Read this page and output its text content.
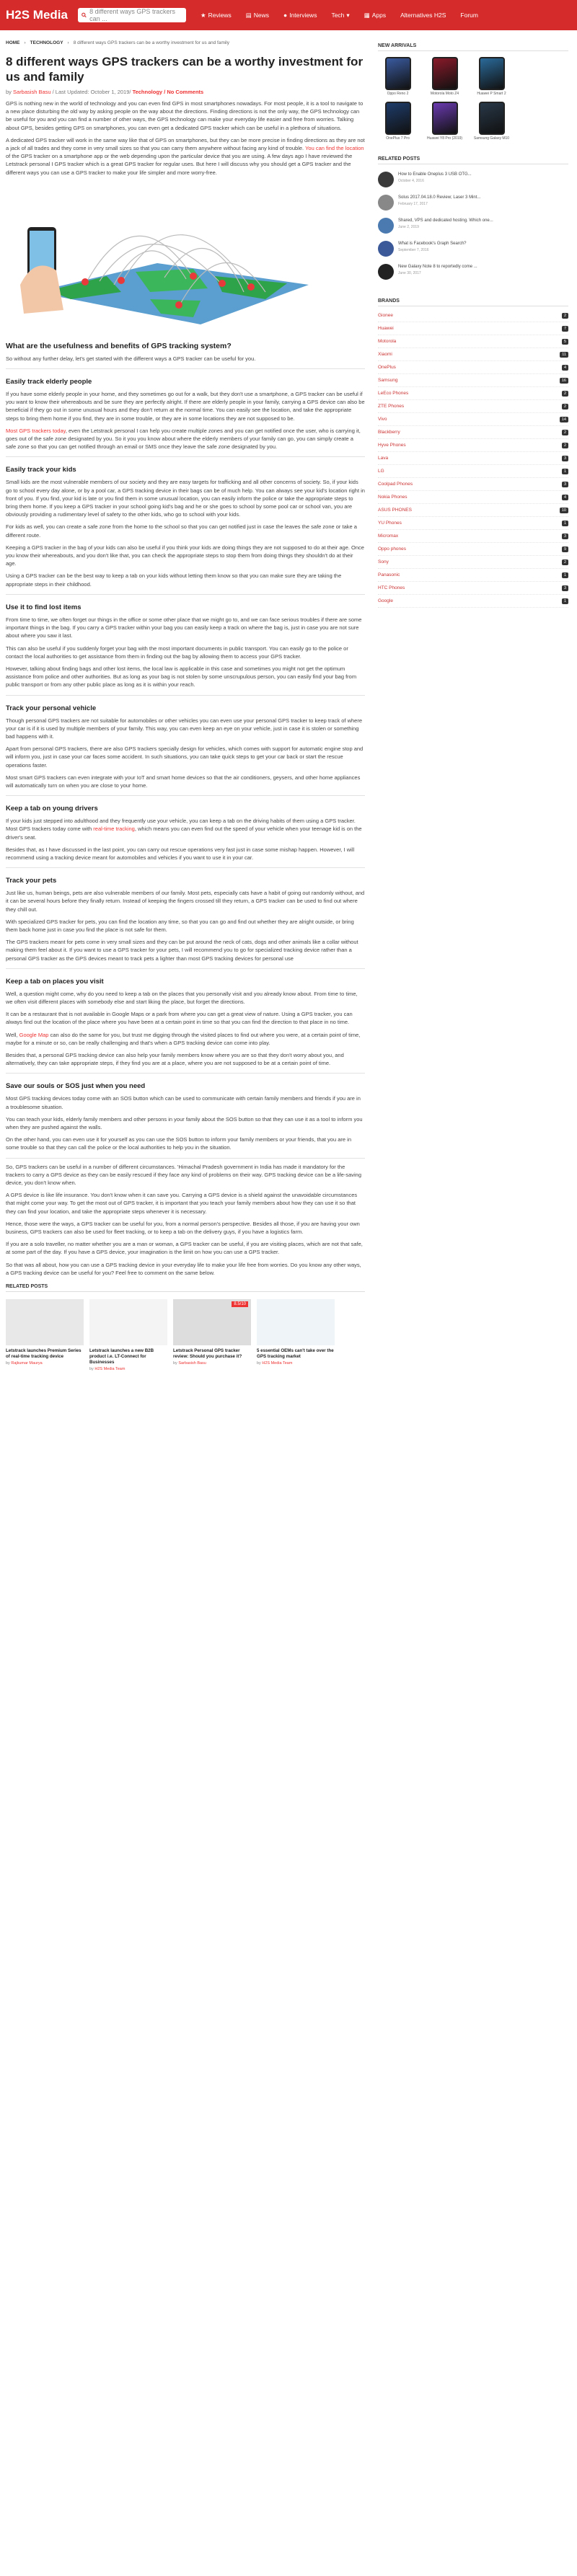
H2S Media	8 different ways GPS trackers can ...
★ Reviews ▤ News ● Interviews Tech ▾ ▦ Apps Alternatives H2S Forum
HOME › TECHNOLOGY › 8 different ways GPS trackers can be a worthy investment for us and family
8 different ways GPS trackers can be a worthy investment for us and family
by Sarbasish Basu / Last Updated: October 1, 2019/ Technology / No Comments

GPS is nothing new in the world of technology and you can even find GPS in most smartphones nowadays. For most people, it is a tool to navigate to a new place disturbing the old way by asking people on the way about the directions. Finding directions is not the only way, the GPS technology can be useful for you and you can find a number of other ways, the GPS technology can make your everyday life easier and free from worries. Talking about GPS, besides getting GPS on smartphones, you can even get a dedicated GPS tracker which can be useful in a plethora of situations.

A dedicated GPS tracker will work in the same way like that of GPS on smartphones, but they can be more precise in finding directions as they are not a jack of all trades and they come in very small sizes so that you can carry them anywhere without facing any kind of trouble. You can find the location of the GPS tracker on a smartphone app or the web depending upon the particular device that you are using. A few days ago I have reviewed the Letstrack personal I GPS tracker which is a great GPS tracker for regular uses. But here I will discuss why you should get a GPS tracker and the different ways you can use a GPS tracker to make your life simpler and more worry-free.

What are the usefulness and benefits of GPS tracking system?

So without any further delay, let's get started with the different ways a GPS tracker can be useful for you.

Easily track elderly people

If you have some elderly people in your home, and they sometimes go out for a walk, but they don't use a smartphone, a GPS tracker can be useful if you want to know their whereabouts and be sure they are perfectly alright. If there are elderly people in your family, carrying a GPS device can also be beneficial if they go out in some unusual hours and they don't return at the normal time. You can easily see the location, and take the appropriate steps to bring them home if you find, they are in some trouble, or they are in some locations they are not supposed to be.

Most GPS trackers today, even the Letstrack personal I can help you create multiple zones and you can get notified once the user, who is carrying it, goes out of the safe zone designated by you. So it you you know about where the elderly members of your family can go, you can simply create a safe zone so that you can get notified through an email or SMS once they leave the safe zone designated by you.

Easily track your kids

Small kids are the most vulnerable members of our society and they are easy targets for trafficking and all other concerns of society. So, if your kids go to school every day alone, or by a pool car, a GPS tracking device in their bags can be of much help. You can always see your kid's location right in front of you. If you find, your kid is late or you find them in some unusual location, you can easily inform the police or take the appropriate steps to bring them home. If you keep a GPS tracker in your school going kid's bag and he or she goes to school by some pool car or school van, you are obviously providing a rudimentary level of safety to the other kids, who go to school with your kids.

For kids as well, you can create a safe zone from the home to the school so that you can get notified just in case the leaves the safe zone or take a different route.

Keeping a GPS tracker in the bag of your kids can also be useful if you think your kids are doing things they are not supposed to do at their age. Once you know their whereabouts, and you don't like that, you can check the appropriate steps to stop them from doing things they shouldn't do at their age.

Using a GPS tracker can be the best way to keep a tab on your kids without letting them know so that you can make sure they are taking the appropriate steps in their childhood.

Use it to find lost items

From time to time, we often forget our things in the office or some other place that we might go to, and we can face serious troubles if there are some important things in the bag. If you carry a GPS tracker within your bag you can easily keep a track on where the bag is, just in case you are not sure about where you saw it last.

This can also be useful if you suddenly forget your bag with the most important documents in public transport. You can easily go to the police or contact the local authorities to get assistance from them in finding out the bag by allowing them to access your GPS tracker.

However, talking about finding bags and other lost items, the local law is applicable in this case and sometimes you might not get the optimum assistance from police and other authorities. But as long as your bag is not stolen by some unscrupulous person, you can easily find your bag from public transport or from any other public place as long as it is within your reach.

Track your personal vehicle

Though personal GPS trackers are not suitable for automobiles or other vehicles you can even use your personal GPS tracker to keep track of where your car is if it is used by multiple members of your family. This way, you can even keep an eye on your vehicle, just in case it is stolen or something bad happens with it.

Apart from personal GPS trackers, there are also GPS trackers specially design for vehicles, which comes with support for automatic engine stop and will inform you, just in case your car faces some accident. In such situations, you can take quick steps to get your car back or start the rescue operations faster.

Most smart GPS trackers can even integrate with your IoT and smart home devices so that the air conditioners, geysers, and other home appliances will automatically turn on when you are close to your home.

Keep a tab on young drivers

If your kids just stepped into adulthood and they frequently use your vehicle, you can keep a tab on the driving habits of them using a GPS tracker. Most GPS trackers today come with real-time tracking, which means you can even find out the speed of your vehicle when your teenage kid is on the driver's seat.

Besides that, as I have discussed in the last point, you can carry out rescue operations very fast just in case some mishap happen. However, I will recommend using a tracking device meant for automobiles and vehicles if you want to use it in your car.

Track your pets

Just like us, human beings, pets are also vulnerable members of our family. Most pets, especially cats have a habit of going out randomly without, and it can be several hours before they finally return. Instead of keeping the fingers crossed till they return, a GPS tracker can be used to find out where they chill out.

With specialized GPS tracker for pets, you can find the location any time, so that you can go and find out whether they are alright outside, or bring them back home just in case you find the place is not safe for them.

The GPS trackers meant for pets come in very small sizes and they can be put around the neck of cats, dogs and other animals like a collar without making them feel about it. If you want to use a GPS tracker for your pets, I will recommend you to go for specialized tracking device rather than a personal GPS tracker as the GPS devices meant to track pets a lighter than most GPS tracking devices for personal use

Keep a tab on places you visit

Well, a question might come, why do you need to keep a tab on the places that you personally visit and you already know about. From time to time, we often visit different places with somebody else and start liking the place, but forget the directions.

It can be a restaurant that is not available in Google Maps or a park from where you can get a great view of nature. Using a GPS tracker, you can always find out the location of the place where you have been at a certain point in time so that you can find the direction to that place in no time.

Well, Google Map can also do the same for you, but trust me digging through the visited places to find out where you were, at a certain point of time, maybe for a minute or so, can be really challenging and that's when a GPS tracking device can come into play.

Besides that, a personal GPS tracking device can also help your family members know where you are so that they don't worry about you, and alternatively, they can take appropriate steps, if they find you are at a place, where you are not supposed to be at a certain point of time.

Save our souls or SOS just when you need

Most GPS tracking devices today come with an SOS button which can be used to communicate with certain family members and friends if you are in a troublesome situation.

You can teach your kids, elderly family members and other persons in your family about the SOS button so that they can use it as a tool to inform you when they are pushed against the walls.

On the other hand, you can even use it for yourself as you can use the SOS button to inform your family members or your friends, that you are in some trouble so that they can call the police or the local authorities to help you in the situation.

So, GPS trackers can be useful in a number of different circumstances. 'Himachal Pradesh government in India has made it mandatory for the trackers to carry a GPS device as they can be easily rescued if they face any kind of problems on their way. GPS tracking device can be a life-saving device, you don't know when.

A GPS device is like life insurance. You don't know when it can save you. Carrying a GPS device is a shield against the unavoidable circumstances that might come your way. To get the most out of GPS tracker, it is important that you teach your family members about how they can use it so that they can find your location, and take the appropriate steps whenever it is necessary.

Hence, those were the ways, a GPS tracker can be useful for you, from a normal person's perspective. Besides all those, if you are having your own business, GPS trackers can also be used for fleet tracking, or to keep a tab on the delivery guys, if you have a logistics farm.

If you are a solo traveller, no matter whether you are a man or woman, a GPS tracker can be useful, if you are visiting places, which are not that safe, at some part of the day. If you have a GPS device, your imagination is the limit on how you can use a GPS tracker.

So that was all about, how you can use a GPS tracking device in your everyday life to make your life free from worries. Do you know any other ways, a GPS tracking device can be useful for you? Feel free to comment on the same below.

RELATED POSTS
Letstrack launches Premium Series of real-time tracking device
by Rajkumar Maurya
Letstrack launches a new B2B product i.e. LT-Connect for Businesses
by H2S Media Team
8.5/10
Letstrack Personal GPS tracker review: Should you purchase it?
by Sarbasish Basu
5 essential OEMs can't take over the GPS tracking market
by H2S Media Team
NEW ARRIVALS
Oppo Reno 2	Motorola Moto Z4	Huawei P Smart 2
OnePlus 7 Pro	Huawei Y8 Pro (2019)	Samsung Galaxy M10
RELATED POSTS
How to Enable Oneplus 3 USB OTG...
October 4, 2016
Solus 2017.04.18.0 Review; Laser 3 Mint...
February 17, 2017
Shared, VPS and dedicated hosting. Which one...
June 2, 2019
What is Facebook's Graph Search?
September 7, 2016
New Galaxy Note 8 to reportedly come ...
June 30, 2017
BRANDS
Gionee	2
Huawei	7
Motorola	5
Xiaomi	11
OnePlus	4
Samsung	16
LeEco Phones	2
ZTE Phones	2
Vivo	14
Blackberry	2
Hyve Phones	2
Lava	3
LG	1
Coolpad Phones	3
Nokia Phones	4
ASUS PHONES	10
YU Phones	1
Micromax	3
Oppo phones	9
Sony	2
Panasonic	1
HTC Phones	3
Google	1
